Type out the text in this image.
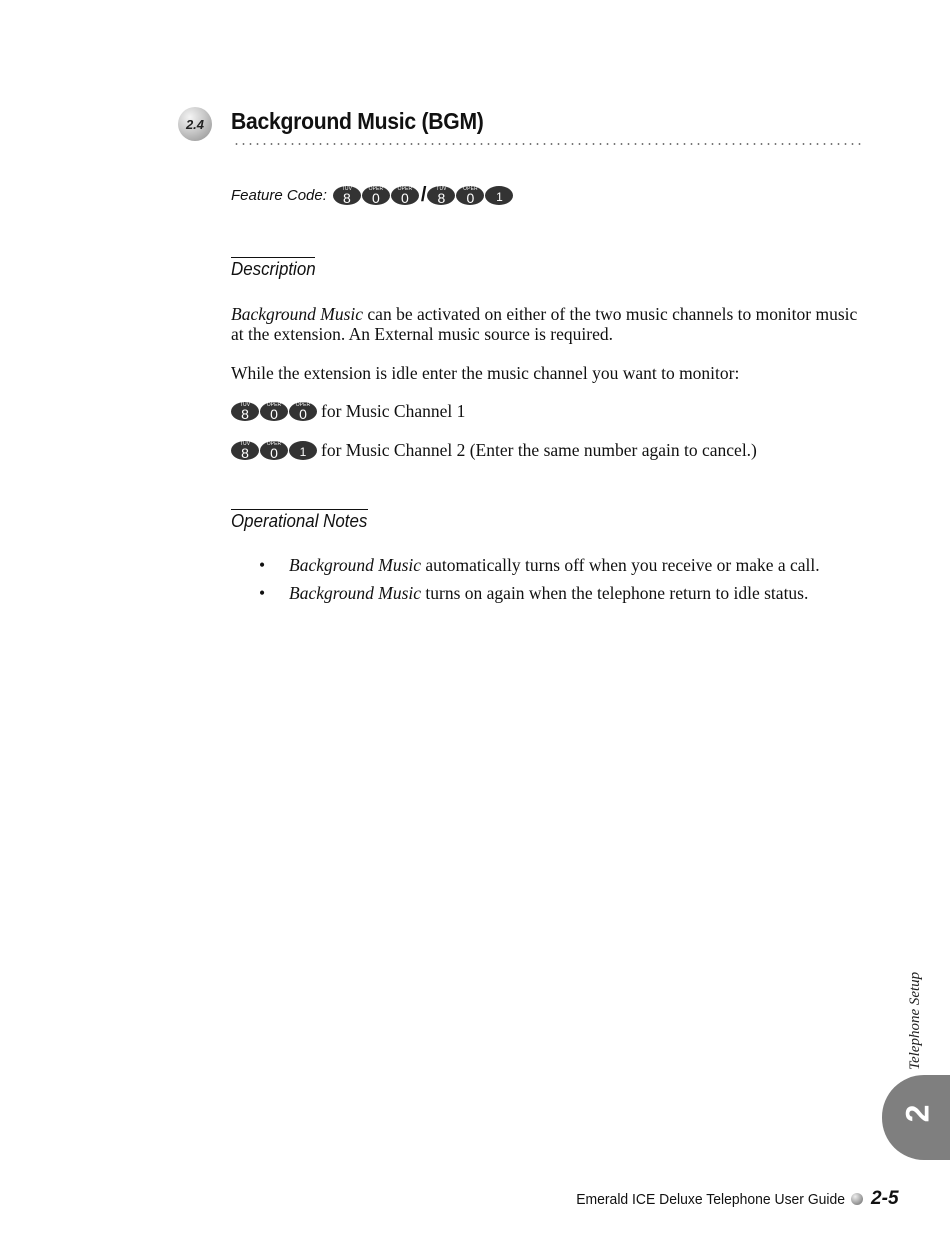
2.4 Background Music (BGM)
Feature Code:	TUV
8
OPER
0
OPER
0 /	TUV
8
OPER
0	1
Description
Background Music can be activated on either of the two music channels to monitor music at the extension. An External music source is required.
While the extension is idle enter the music channel you want to monitor:
TUV
8
OPER
0
OPER
0 for Music Channel 1
TUV
8
OPER
0	1 for Music Channel 2 (Enter the same number again to cancel.)
Operational Notes
•	Background Music automatically turns off when you receive or make a call.
•	Background Music turns on again when the telephone return to idle status.
Telephone Setup
2
Emerald ICE Deluxe Telephone User Guide 2-5
